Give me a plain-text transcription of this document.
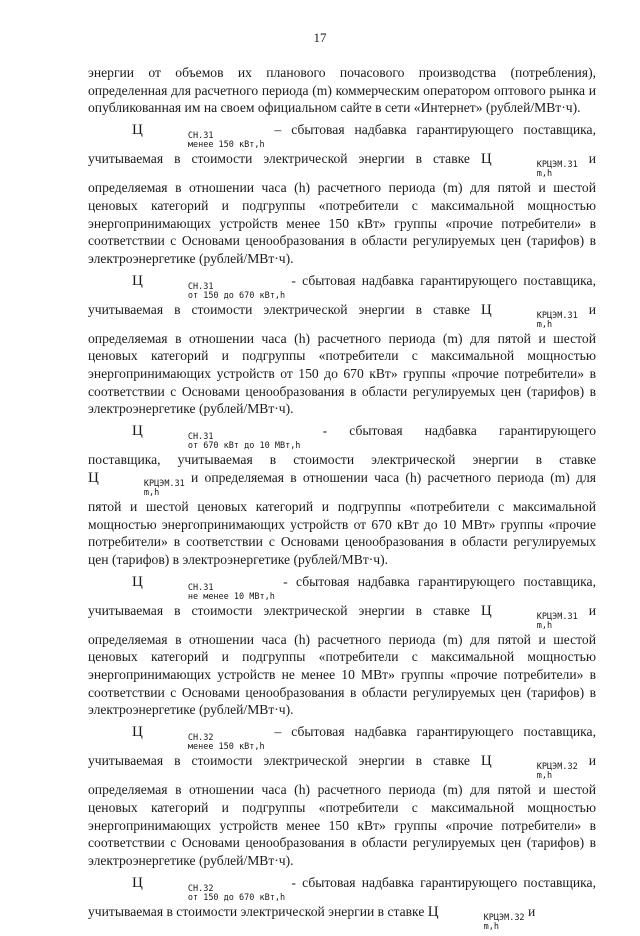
17

энергии от объемов их планового почасового производства (потребления), определенная для расчетного периода (m) коммерческим оператором оптового рынка и опубликованная им на своем официальном сайте в сети «Интернет» (рублей/МВт·ч).

Ц	СН.З1
менее 150 кВт,h
– сбытовая надбавка гарантирующего поставщика, учитываемая в стоимости электрической энергии в ставке Ц	КРЦЭМ.З1
m,h
и определяемая в отношении часа (h) расчетного периода (m) для пятой и шестой ценовых категорий и подгруппы «потребители с максимальной мощностью энергопринимающих устройств менее 150 кВт» группы «прочие потребители» в соответствии с Основами ценообразования в области регулируемых цен (тарифов) в электроэнергетике (рублей/МВт·ч).

Ц	СН.З1
от 150 до 670 кВт,h
- сбытовая надбавка гарантирующего поставщика, учитываемая в стоимости электрической энергии в ставке Ц	КРЦЭМ.З1
m,h
и определяемая в отношении часа (h) расчетного периода (m) для пятой и шестой ценовых категорий и подгруппы «потребители с максимальной мощностью энергопринимающих устройств от 150 до 670 кВт» группы «прочие потребители» в соответствии с Основами ценообразования в области регулируемых цен (тарифов) в электроэнергетике (рублей/МВт·ч).

Ц	СН.З1
от 670 кВт до 10 МВт,h
- сбытовая надбавка гарантирующего поставщика, учитываемая в стоимости электрической энергии в ставке Ц	КРЦЭМ.З1
m,h
и определяемая в отношении часа (h) расчетного периода (m) для пятой и шестой ценовых категорий и подгруппы «потребители с максимальной мощностью энергопринимающих устройств от 670 кВт до 10 МВт» группы «прочие потребители» в соответствии с Основами ценообразования в области регулируемых цен (тарифов) в электроэнергетике (рублей/МВт·ч).

Ц	СН.З1
не менее 10 МВт,h
- сбытовая надбавка гарантирующего поставщика, учитываемая в стоимости электрической энергии в ставке Ц	КРЦЭМ.З1
m,h
и определяемая в отношении часа (h) расчетного периода (m) для пятой и шестой ценовых категорий и подгруппы «потребители с максимальной мощностью энергопринимающих устройств не менее 10 МВт» группы «прочие потребители» в соответствии с Основами ценообразования в области регулируемых цен (тарифов) в электроэнергетике (рублей/МВт·ч).

Ц	СН.З2
менее 150 кВт,h
– сбытовая надбавка гарантирующего поставщика, учитываемая в стоимости электрической энергии в ставке Ц	КРЦЭМ.З2
m,h
и определяемая в отношении часа (h) расчетного периода (m) для пятой и шестой ценовых категорий и подгруппы «потребители с максимальной мощностью энергопринимающих устройств менее 150 кВт» группы «прочие потребители» в соответствии с Основами ценообразования в области регулируемых цен (тарифов) в электроэнергетике (рублей/МВт·ч).

Ц	СН.З2
от 150 до 670 кВт,h
- сбытовая надбавка гарантирующего поставщика, учитываемая в стоимости электрической энергии в ставке Ц	КРЦЭМ.З2
m,h
и
